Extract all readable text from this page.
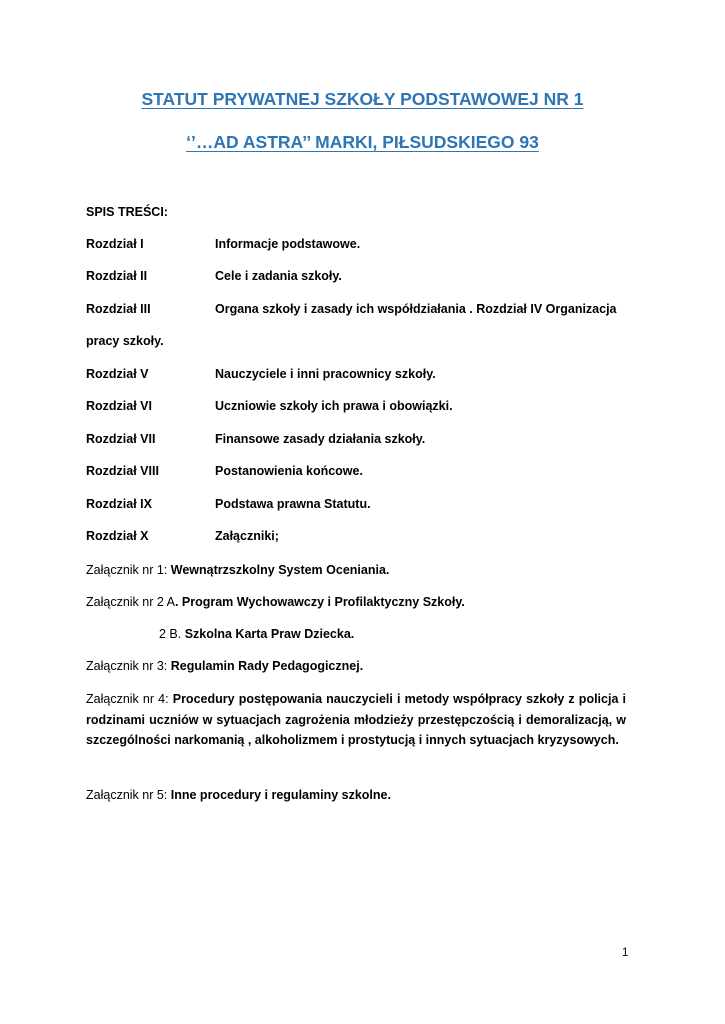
STATUT PRYWATNEJ SZKOŁY PODSTAWOWEJ NR 1
‘’…AD ASTRA’’ MARKI, PIŁSUDSKIEGO 93
SPIS TREŚCI:
Rozdział I	Informacje podstawowe.
Rozdział II	Cele i zadania szkoły.
Rozdział III	Organa szkoły i zasady ich współdziałania . Rozdział IV Organizacja
pracy szkoły.
Rozdział V	Nauczyciele i inni pracownicy szkoły.
Rozdział VI	Uczniowie szkoły ich prawa i obowiązki.
Rozdział VII	Finansowe zasady działania szkoły.
Rozdział VIII	Postanowienia końcowe.
Rozdział IX	Podstawa prawna Statutu.
Rozdział X	Załączniki;
Załącznik nr 1: Wewnątrzszkolny System Oceniania.
Załącznik nr 2 A. Program Wychowawczy i Profilaktyczny Szkoły.
2 B. Szkolna Karta Praw Dziecka.
Załącznik nr 3: Regulamin Rady Pedagogicznej.
Załącznik nr 4: Procedury postępowania nauczycieli i metody współpracy szkoły z policja i rodzinami uczniów w sytuacjach zagrożenia młodzieży przestępczością i demoralizacją, w szczególności narkomanią , alkoholizmem i prostytucją i innych sytuacjach kryzysowych.
Załącznik nr 5: Inne procedury i regulaminy szkolne.
1
